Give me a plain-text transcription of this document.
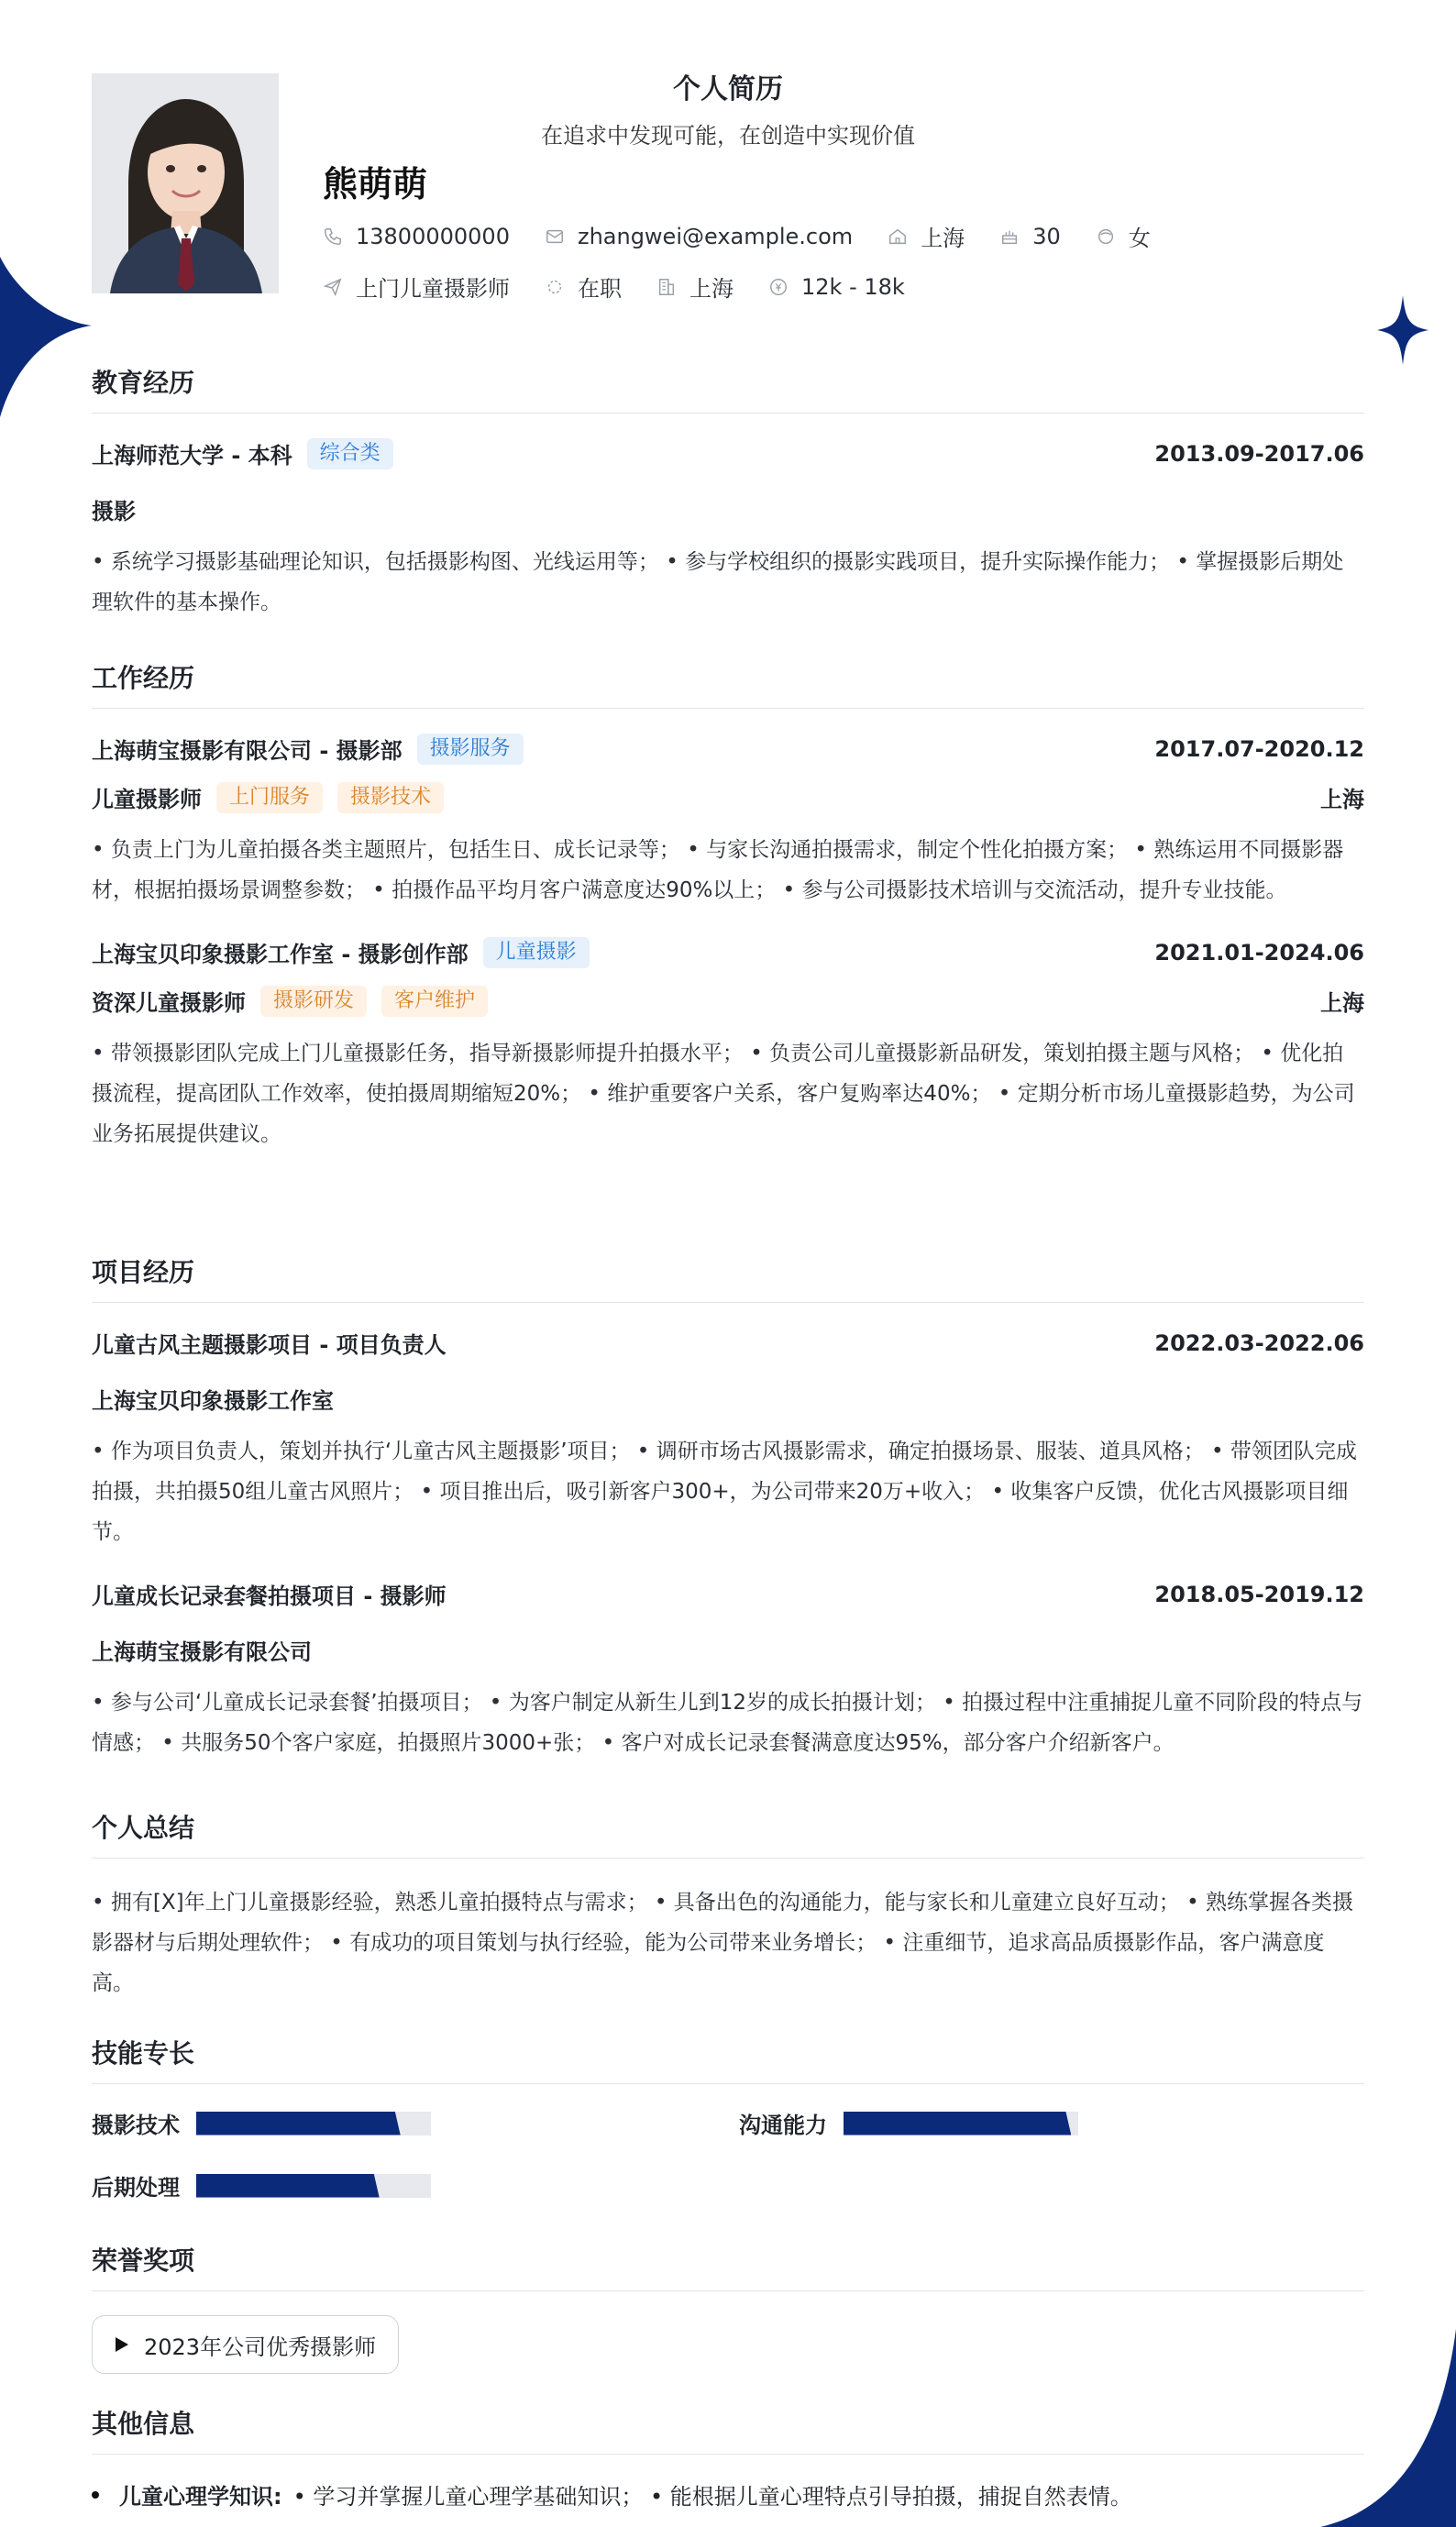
个人简历
在追求中发现可能，在创造中实现价值
熊萌萌
13800000000	zhangwei@example.com	上海	30	女
上门儿童摄影师	在职	上海	12k - 18k
教育经历
上海师范大学 - 本科	综合类	2013.09-2017.06
摄影
• 系统学习摄影基础理论知识，包括摄影构图、光线运用等； • 参与学校组织的摄影实践项目，提升实际操作能力； • 掌握摄影后期处理软件的基本操作。
工作经历
上海萌宝摄影有限公司 - 摄影部	摄影服务	2017.07-2020.12
儿童摄影师	上门服务	摄影技术	上海
• 负责上门为儿童拍摄各类主题照片，包括生日、成长记录等； • 与家长沟通拍摄需求，制定个性化拍摄方案； • 熟练运用不同摄影器材，根据拍摄场景调整参数； • 拍摄作品平均月客户满意度达90%以上； • 参与公司摄影技术培训与交流活动，提升专业技能。
上海宝贝印象摄影工作室 - 摄影创作部	儿童摄影	2021.01-2024.06
资深儿童摄影师	摄影研发	客户维护	上海
• 带领摄影团队完成上门儿童摄影任务，指导新摄影师提升拍摄水平； • 负责公司儿童摄影新品研发，策划拍摄主题与风格； • 优化拍摄流程，提高团队工作效率，使拍摄周期缩短20%； • 维护重要客户关系，客户复购率达40%； • 定期分析市场儿童摄影趋势，为公司业务拓展提供建议。
项目经历
儿童古风主题摄影项目 - 项目负责人	2022.03-2022.06
上海宝贝印象摄影工作室
• 作为项目负责人，策划并执行‘儿童古风主题摄影’项目； • 调研市场古风摄影需求，确定拍摄场景、服装、道具风格； • 带领团队完成拍摄，共拍摄50组儿童古风照片； • 项目推出后，吸引新客户300+，为公司带来20万+收入； • 收集客户反馈，优化古风摄影项目细节。
儿童成长记录套餐拍摄项目 - 摄影师	2018.05-2019.12
上海萌宝摄影有限公司
• 参与公司‘儿童成长记录套餐’拍摄项目； • 为客户制定从新生儿到12岁的成长拍摄计划； • 拍摄过程中注重捕捉儿童不同阶段的特点与情感； • 共服务50个客户家庭，拍摄照片3000+张； • 客户对成长记录套餐满意度达95%，部分客户介绍新客户。
个人总结
• 拥有[X]年上门儿童摄影经验，熟悉儿童拍摄特点与需求； • 具备出色的沟通能力，能与家长和儿童建立良好互动； • 熟练掌握各类摄影器材与后期处理软件； • 有成功的项目策划与执行经验，能为公司带来业务增长； • 注重细节，追求高品质摄影作品，客户满意度高。
技能专长
摄影技术	沟通能力
后期处理
荣誉奖项
2023年公司优秀摄影师
其他信息
儿童心理学知识: • 学习并掌握儿童心理学基础知识； • 能根据儿童心理特点引导拍摄，捕捉自然表情。
